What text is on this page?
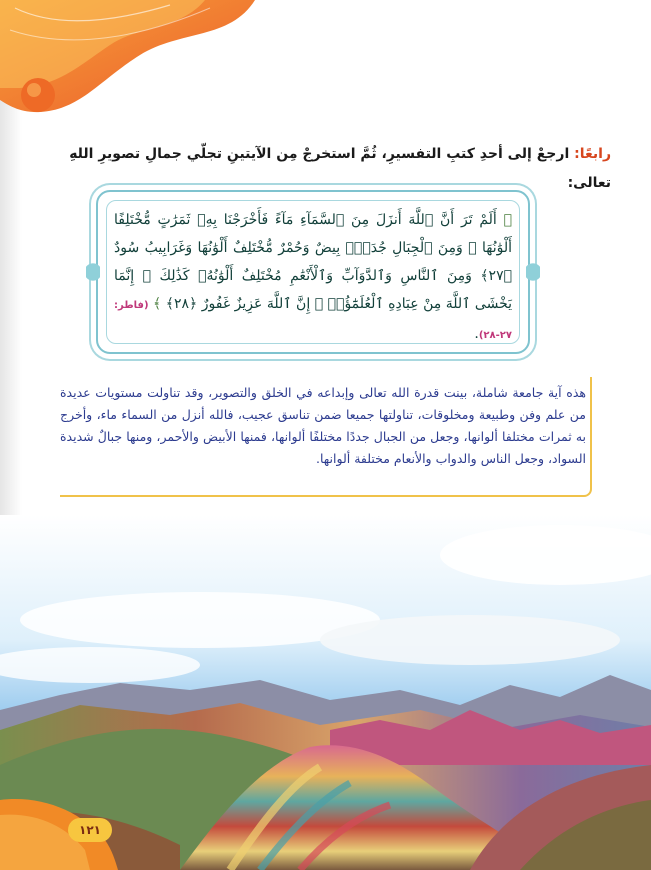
رابعًا: ارجعْ إلى أحدِ كتبِ التفسيرِ، ثُمَّ استخرجْ مِن الآيتينِ تجلّي جمالِ تصويرِ اللهِ تعالى:
﴿ أَلَمْ تَرَ أَنَّ ٱللَّهَ أَنزَلَ مِنَ ٱلسَّمَآءِ مَآءً فَأَخْرَجْنَا بِهِۦ ثَمَرَٰتٍ مُّخْتَلِفًا أَلْوَٰنُهَا ۚ وَمِنَ ٱلْجِبَالِ جُدَدٌۢ بِيضٌ وَحُمْرٌ مُّخْتَلِفٌ أَلْوَٰنُهَا وَغَرَابِيبُ سُودٌ ﴿٢٧﴾ وَمِنَ ٱلنَّاسِ وَٱلدَّوَآبِّ وَٱلْأَنْعَٰمِ مُخْتَلِفٌ أَلْوَٰنُهُۥ كَذَٰلِكَ ۗ إِنَّمَا يَخْشَى ٱللَّهَ مِنْ عِبَادِهِ ٱلْعُلَمَٰٓؤُا۟ ۗ إِنَّ ٱللَّهَ عَزِيزٌ غَفُورٌ ﴿٢٨﴾ ﴾ (فاطر: ٢٧-٢٨).
هذه آية جامعة شاملة، بينت قدرة الله تعالى وإبداعه في الخلق والتصوير، وقد تناولت مستويات عديدة من علم وفن وطبيعة ومخلوقات، تناولتها جميعا ضمن تناسق عجيب، فالله أنزل من السماء ماء، وأخرج به ثمرات مختلفا ألوانها، وجعل من الجبال جددًا مختلفًا ألوانها، فمنها الأبيض والأحمر، ومنها جبالٌ شديدة السواد، وجعل الناس والدواب والأنعام مختلفة ألوانها.
١٢١
